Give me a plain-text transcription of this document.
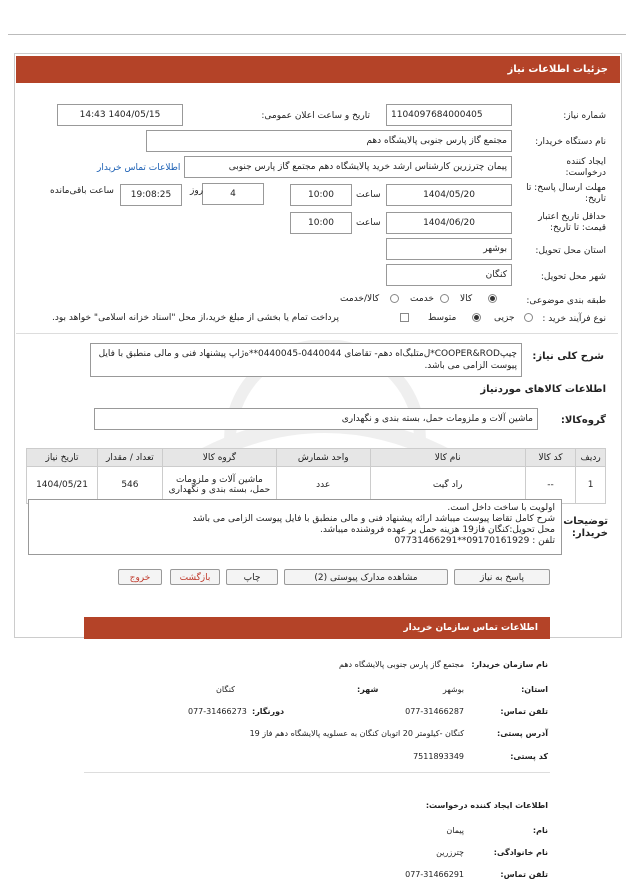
جزئیات اطلاعات نیاز
شماره نیاز:
1104097684000405
تاریخ و ساعت اعلان عمومی:
1404/05/15 14:43
نام دستگاه خریدار:
مجتمع گاز پارس جنوبی پالایشگاه دهم
ایجاد کننده درخواست:
پیمان چترزرین کارشناس ارشد خرید پالایشگاه دهم مجتمع گاز پارس جنوبی
اطلاعات تماس خریدار
مهلت ارسال پاسخ: تا تاریخ:
1404/05/20
ساعت
10:00
4
روز
19:08:25
ساعت باقی‌مانده
حداقل تاریخ اعتبار قیمت: تا تاریخ:
1404/06/20
ساعت
10:00
استان محل تحویل:
بوشهر
شهر محل تحویل:
کنگان
طبقه بندی موضوعی:
کالا
خدمت
کالا/خدمت
نوع فرآیند خرید :
جزیی
متوسط
پرداخت تمام یا بخشی از مبلغ خرید،از محل "اسناد خزانه اسلامی" خواهد بود.
شرح کلی نیاز:
چیپ‌COOPER&ROD*ل‌متلبگ‌اه دهم- تقاضای 0440044-0440045**ه‌ژاپ پیشنهاد فنی و مالی منطبق با فایل پیوست الزامی می باشد.
اطلاعات کالاهای موردنیاز
گروه‌کالا:
ماشین آلات و ملزومات حمل، بسته بندی و نگهداری
ردیف	کد کالا	نام کالا	واحد شمارش	گروه کالا	تعداد / مقدار	تاریخ نیاز
1	--	راد گیت	عدد	ماشین آلات و ملزومات حمل، بسته بندی و نگهداری	546	1404/05/21
توضیحات خریدار:
اولویت با ساخت داخل است.
شرح کامل تقاضا پیوست میباشد ارائه پیشنهاد فنی و مالی منطبق با فایل پیوست الزامی می باشد
محل تحویل:کنگان فاز19 هزینه حمل بر عهده فروشنده میباشد.
تلفن : 09170161929**07731466291
پاسخ به نیاز
مشاهده مدارک پیوستی (2)
چاپ
بازگشت
خروج
اطلاعات تماس سازمان خریدار
نام سازمان خریدار:
مجتمع گاز پارس جنوبی پالایشگاه دهم
استان:
بوشهر
شهر:
کنگان
تلفن تماس:
077-31466287
دورنگار:
077-31466273
آدرس پستی:
کنگان -کیلومتر 20 اتوبان کنگان به عسلویه پالایشگاه دهم فاز 19
کد پستی:
7511893349
اطلاعات ایجاد کننده درخواست:
نام:
پیمان
نام خانوادگی:
چترزرین
تلفن تماس:
077-31466291
